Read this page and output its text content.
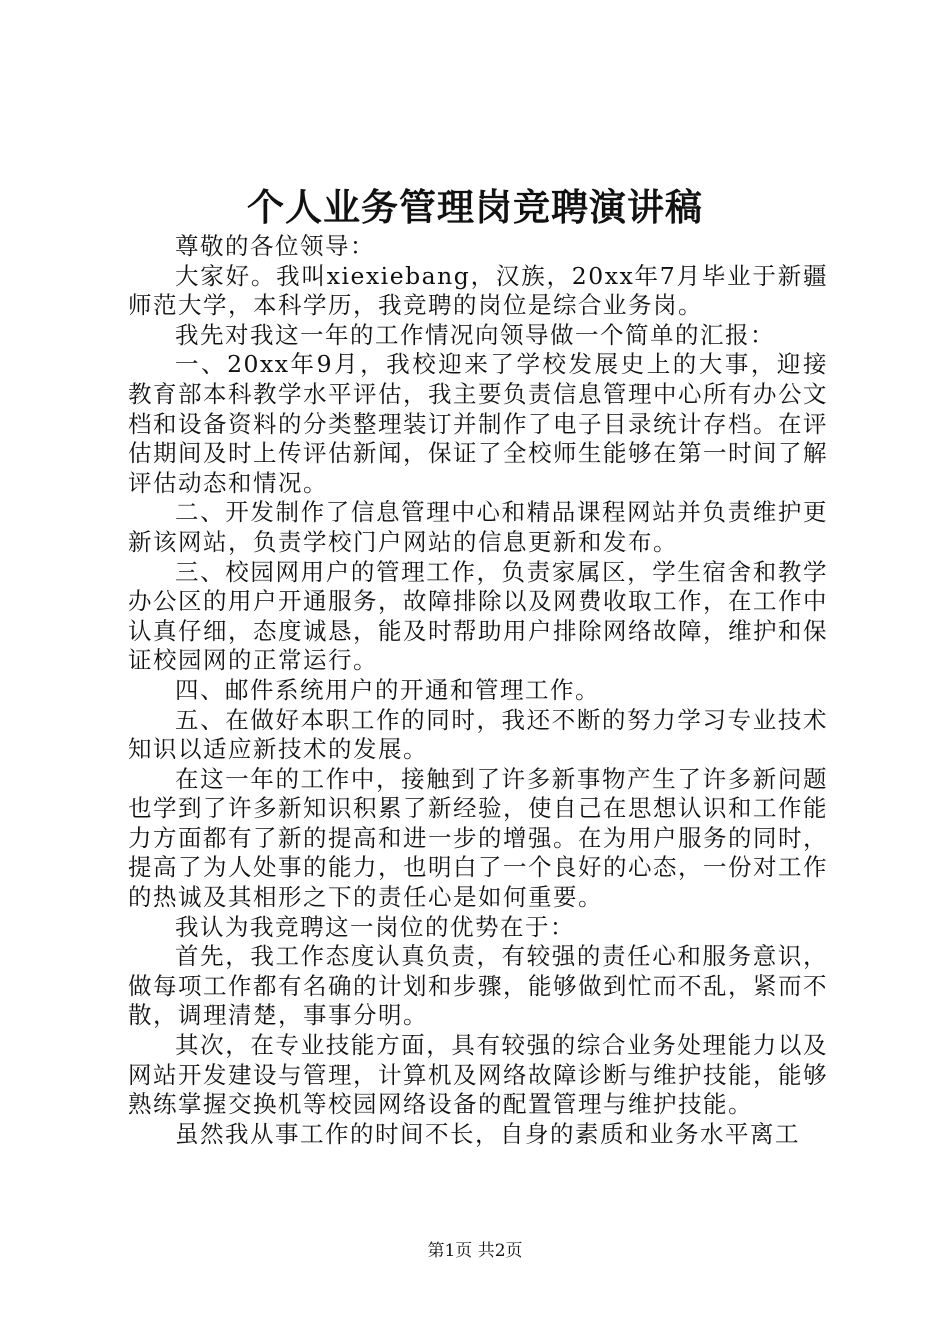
个人业务管理岗竞聘演讲稿

尊敬的各位领导：

大家好。我叫xiexiebang，汉族，20xx年7月毕业于新疆师范大学，本科学历，我竞聘的岗位是综合业务岗。

我先对我这一年的工作情况向领导做一个简单的汇报：

一、20xx年9月，我校迎来了学校发展史上的大事，迎接教育部本科教学水平评估，我主要负责信息管理中心所有办公文档和设备资料的分类整理装订并制作了电子目录统计存档。在评估期间及时上传评估新闻，保证了全校师生能够在第一时间了解评估动态和情况。

二、开发制作了信息管理中心和精品课程网站并负责维护更新该网站，负责学校门户网站的信息更新和发布。

三、校园网用户的管理工作，负责家属区，学生宿舍和教学办公区的用户开通服务，故障排除以及网费收取工作，在工作中认真仔细，态度诚恳，能及时帮助用户排除网络故障，维护和保证校园网的正常运行。

四、邮件系统用户的开通和管理工作。

五、在做好本职工作的同时，我还不断的努力学习专业技术知识以适应新技术的发展。

在这一年的工作中，接触到了许多新事物产生了许多新问题也学到了许多新知识积累了新经验，使自己在思想认识和工作能力方面都有了新的提高和进一步的增强。在为用户服务的同时，提高了为人处事的能力，也明白了一个良好的心态，一份对工作的热诚及其相形之下的责任心是如何重要。

我认为我竞聘这一岗位的优势在于：

首先，我工作态度认真负责，有较强的责任心和服务意识，做每项工作都有名确的计划和步骤，能够做到忙而不乱，紧而不散，调理清楚，事事分明。

其次，在专业技能方面，具有较强的综合业务处理能力以及网站开发建设与管理，计算机及网络故障诊断与维护技能，能够熟练掌握交换机等校园网络设备的配置管理与维护技能。

虽然我从事工作的时间不长，自身的素质和业务水平离工

第1页 共2页
